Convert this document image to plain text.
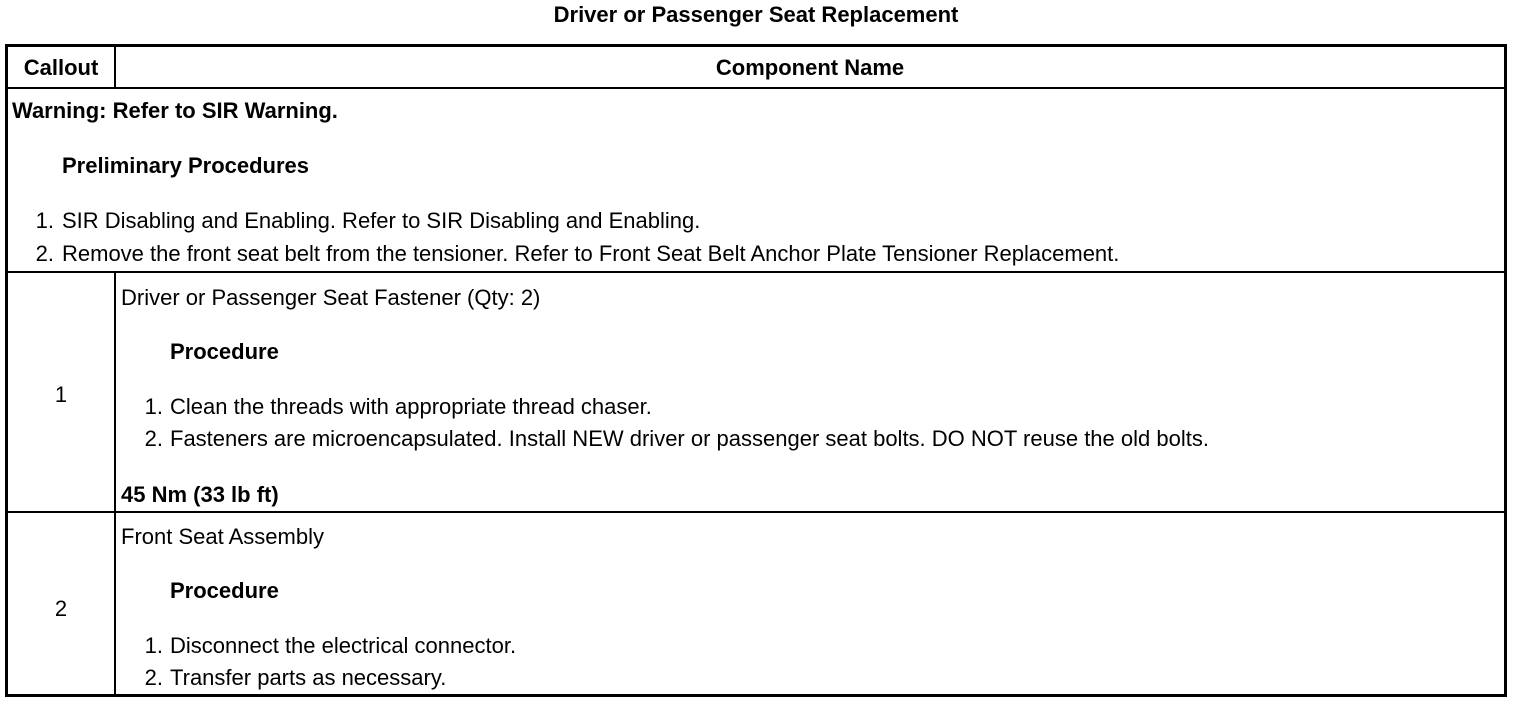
Driver or Passenger Seat Replacement
Callout	Component Name
Warning: Refer to SIR Warning.
Preliminary Procedures
1. SIR Disabling and Enabling. Refer to SIR Disabling and Enabling.
2. Remove the front seat belt from the tensioner. Refer to Front Seat Belt Anchor Plate Tensioner Replacement.
1
Driver or Passenger Seat Fastener (Qty: 2)
Procedure
1. Clean the threads with appropriate thread chaser.
2. Fasteners are microencapsulated. Install NEW driver or passenger seat bolts. DO NOT reuse the old bolts.
45 Nm (33 lb ft)
2
Front Seat Assembly
Procedure
1. Disconnect the electrical connector.
2. Transfer parts as necessary.
